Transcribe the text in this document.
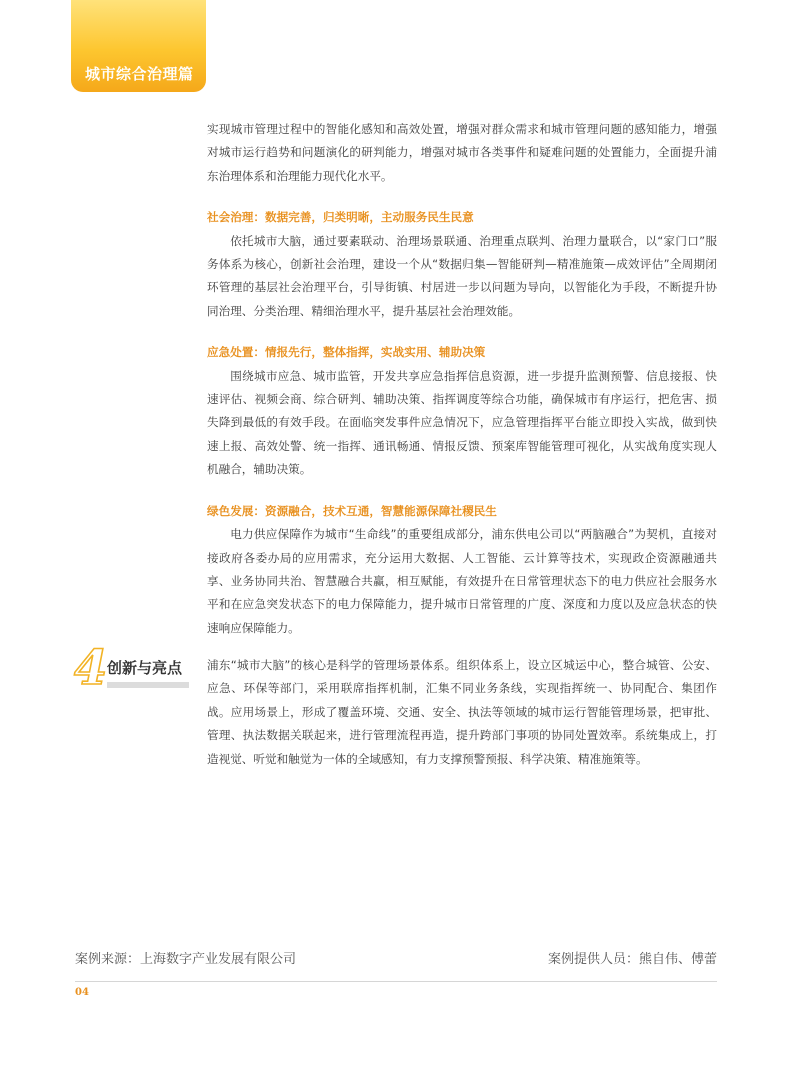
城市综合治理篇

实现城市管理过程中的智能化感知和高效处置，增强对群众需求和城市管理问题的感知能力，增强对城市运行趋势和问题演化的研判能力，增强对城市各类事件和疑难问题的处置能力，全面提升浦东治理体系和治理能力现代化水平。

社会治理：数据完善，归类明晰，主动服务民生民意

依托城市大脑，通过要素联动、治理场景联通、治理重点联判、治理力量联合，以“家门口”服务体系为核心，创新社会治理，建设一个从“数据归集—智能研判—精准施策—成效评估”全周期闭环管理的基层社会治理平台，引导街镇、村居进一步以问题为导向，以智能化为手段，不断提升协同治理、分类治理、精细治理水平，提升基层社会治理效能。

应急处置：情报先行，整体指挥，实战实用、辅助决策

围绕城市应急、城市监管，开发共享应急指挥信息资源，进一步提升监测预警、信息接报、快速评估、视频会商、综合研判、辅助决策、指挥调度等综合功能，确保城市有序运行，把危害、损失降到最低的有效手段。在面临突发事件应急情况下，应急管理指挥平台能立即投入实战，做到快速上报、高效处警、统一指挥、通讯畅通、情报反馈、预案库智能管理可视化，从实战角度实现人机融合，辅助决策。

绿色发展：资源融合，技术互通，智慧能源保障社稷民生

电力供应保障作为城市“生命线”的重要组成部分，浦东供电公司以“两脑融合”为契机，直接对接政府各委办局的应用需求，充分运用大数据、人工智能、云计算等技术，实现政企资源融通共享、业务协同共治、智慧融合共赢，相互赋能，有效提升在日常管理状态下的电力供应社会服务水平和在应急突发状态下的电力保障能力，提升城市日常管理的广度、深度和力度以及应急状态的快速响应保障能力。

4 创新与亮点 浦东“城市大脑”的核心是科学的管理场景体系。组织体系上，设立区城运中心，整合城管、公安、应急、环保等部门，采用联席指挥机制，汇集不同业务条线，实现指挥统一、协同配合、集团作战。应用场景上，形成了覆盖环境、交通、安全、执法等领域的城市运行智能管理场景，把审批、管理、执法数据关联起来，进行管理流程再造，提升跨部门事项的协同处置效率。系统集成上，打造视觉、听觉和触觉为一体的全域感知，有力支撑预警预报、科学决策、精准施策等。

案例来源：上海数字产业发展有限公司	案例提供人员：熊自伟、傅蕾
04
